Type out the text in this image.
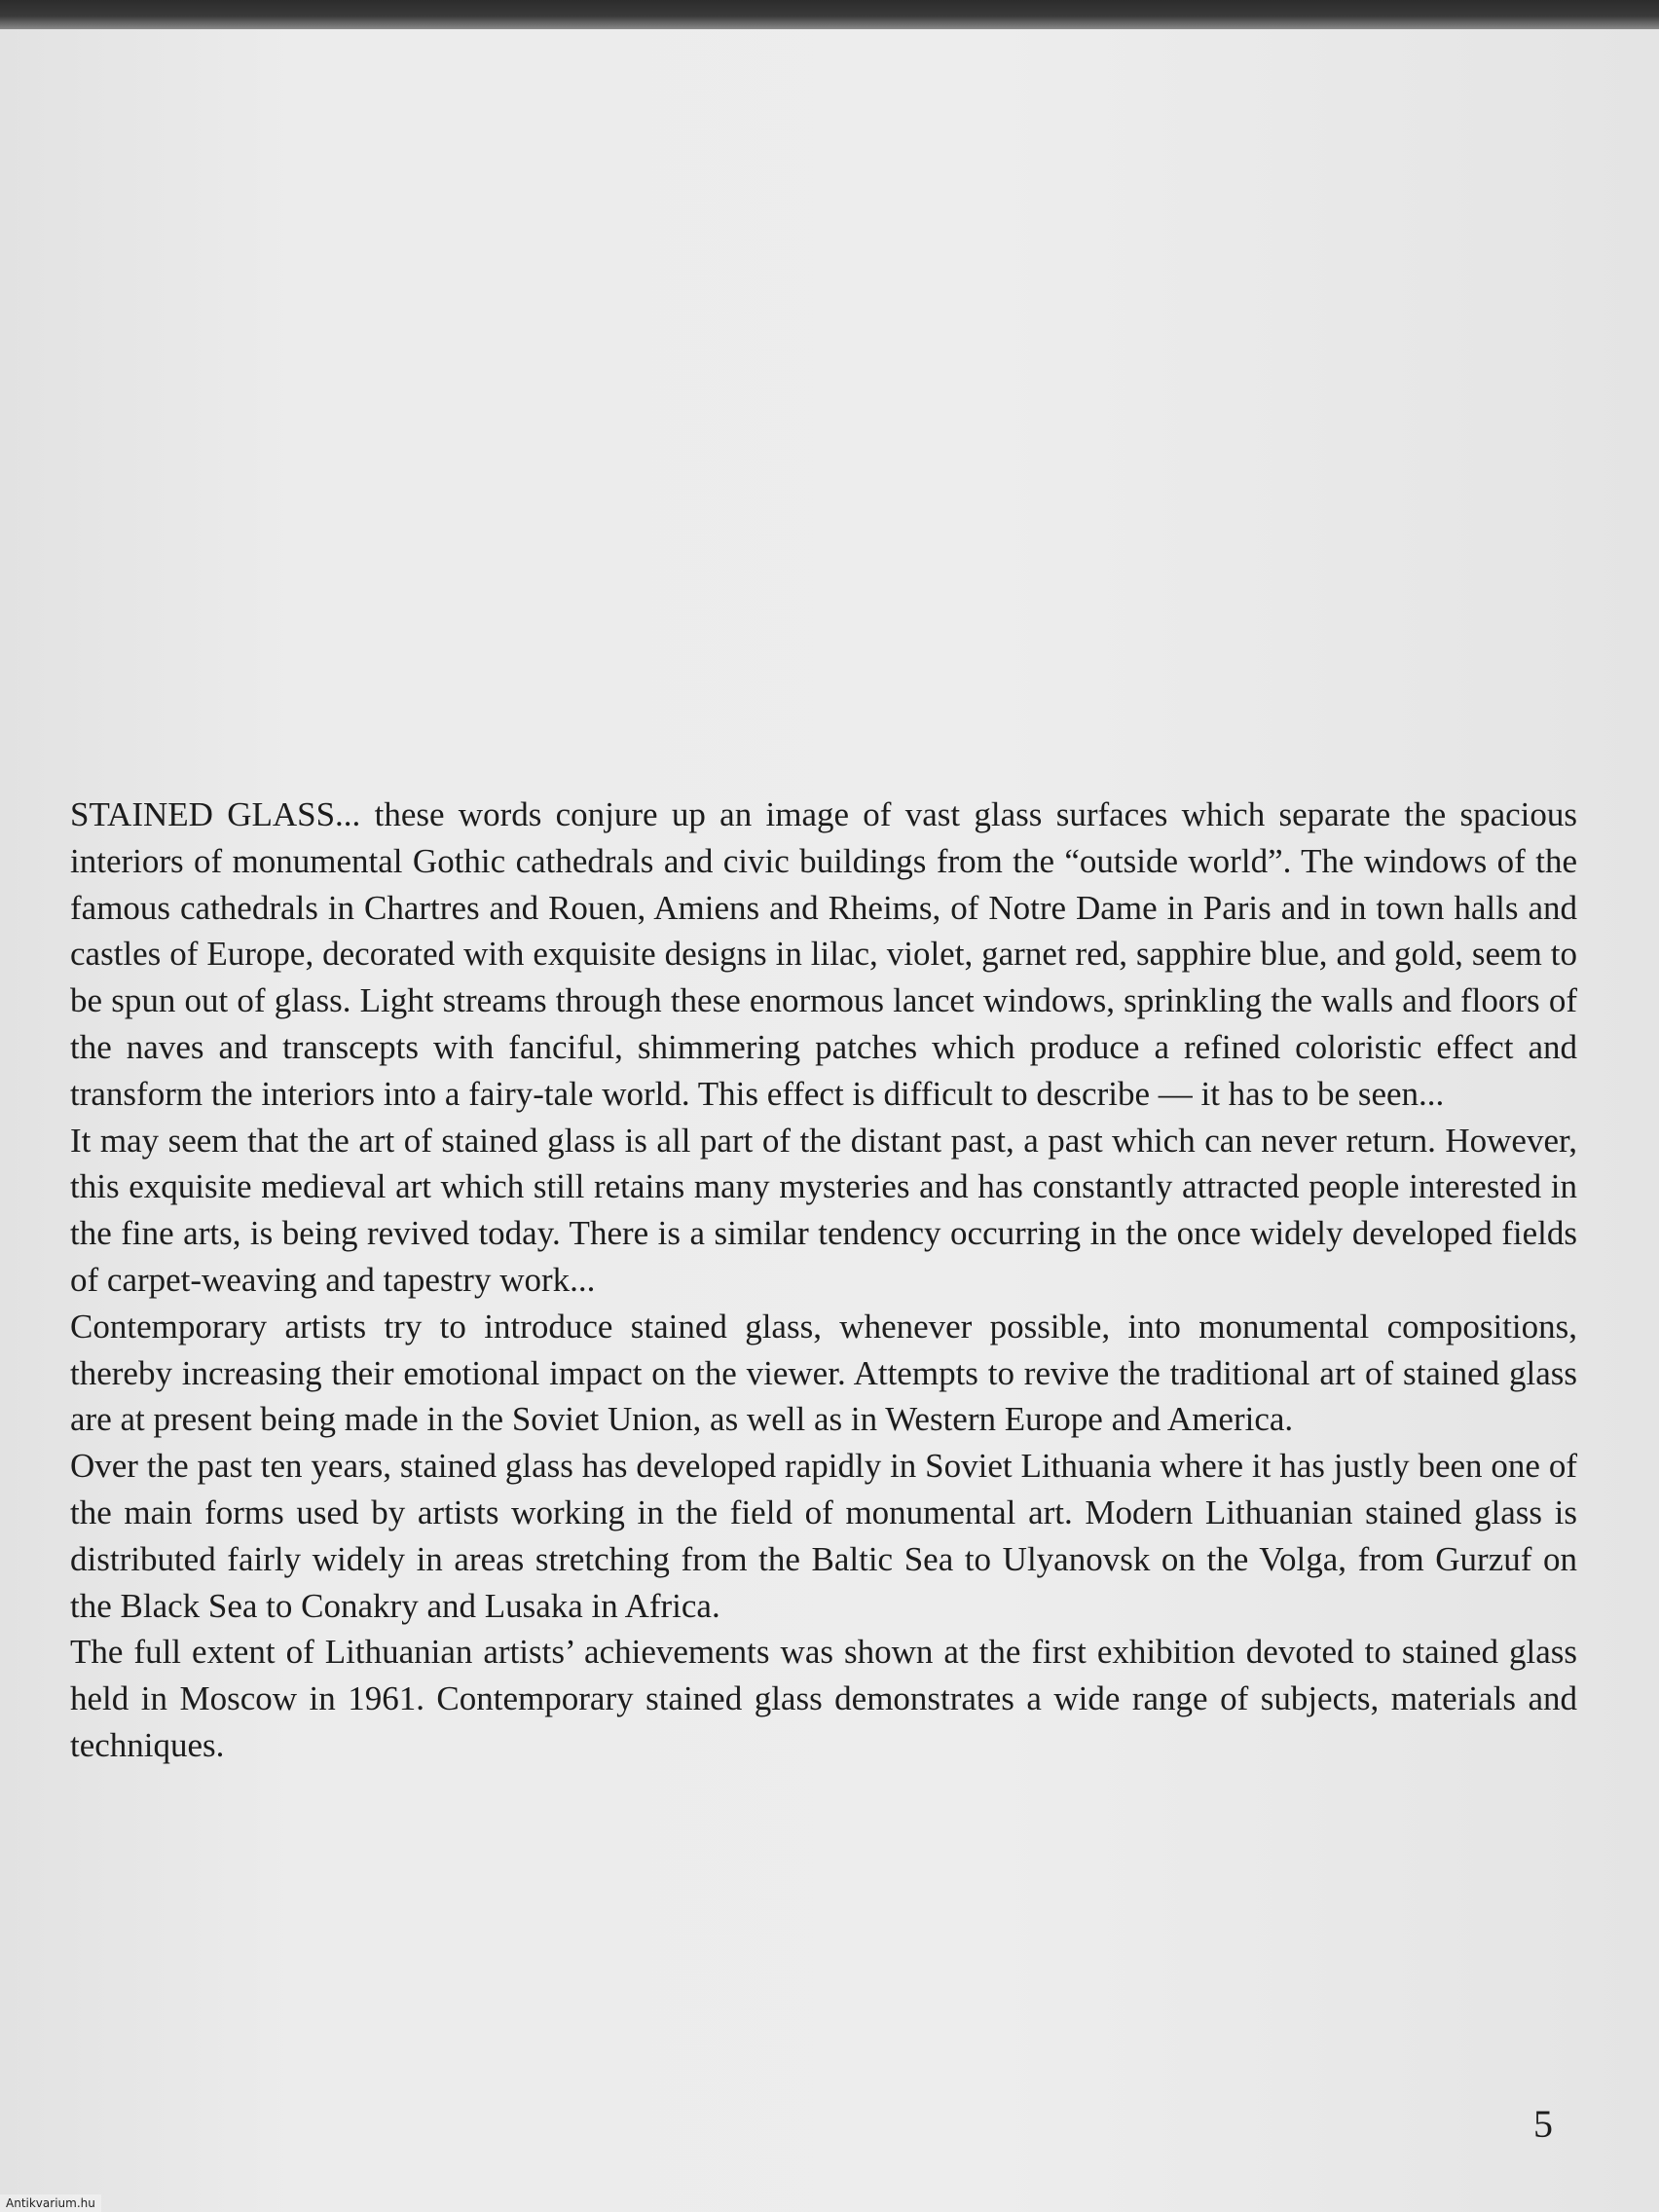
STAINED GLASS... these words conjure up an image of vast glass surfaces which separate the spacious interiors of monumental Gothic cathedrals and civic buildings from the “outside world”. The windows of the famous cathedrals in Chartres and Rouen, Amiens and Rheims, of Notre Dame in Paris and in town halls and castles of Europe, decorated with exquisite designs in lilac, violet, garnet red, sapphire blue, and gold, seem to be spun out of glass. Light streams through these enormous lancet windows, sprinkling the walls and floors of the naves and transcepts with fanciful, shimmering patches which produce a refined coloristic effect and transform the interiors into a fairy-tale world. This effect is difficult to describe — it has to be seen...

It may seem that the art of stained glass is all part of the distant past, a past which can never return. However, this exquisite medieval art which still retains many mysteries and has constantly attracted people interested in the fine arts, is being revived today. There is a similar tendency occurring in the once widely developed fields of carpet-weaving and tapestry work...

Contemporary artists try to introduce stained glass, whenever possible, into monumental compositions, thereby increasing their emotional impact on the viewer. Attempts to revive the traditional art of stained glass are at present being made in the Soviet Union, as well as in Western Europe and America.

Over the past ten years, stained glass has developed rapidly in Soviet Lithuania where it has justly been one of the main forms used by artists working in the field of monumental art. Modern Lithuanian stained glass is distributed fairly widely in areas stretching from the Baltic Sea to Ulyanovsk on the Volga, from Gurzuf on the Black Sea to Conakry and Lusaka in Africa.

The full extent of Lithuanian artists’ achievements was shown at the first exhibition devoted to stained glass held in Moscow in 1961. Contemporary stained glass demonstrates a wide range of subjects, materials and techniques.

5
Antikvarium.hu
